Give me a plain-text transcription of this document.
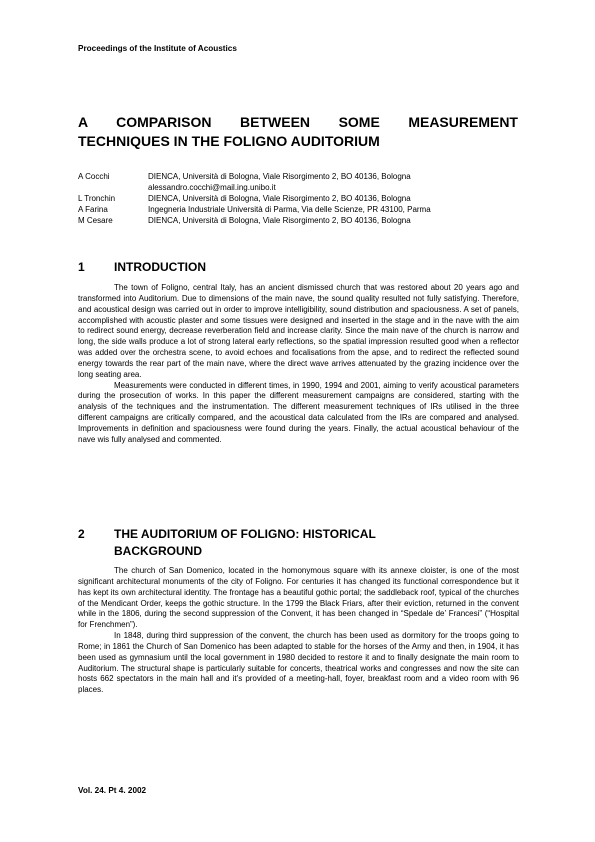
Proceedings of the Institute of Acoustics
A COMPARISON BETWEEN SOME MEASUREMENT
TECHNIQUES IN THE FOLIGNO AUDITORIUM
A Cocchi	DIENCA, Università di Bologna, Viale Risorgimento 2, BO 40136, Bologna
alessandro.cocchi@mail.ing.unibo.it
L Tronchin	DIENCA, Università di Bologna, Viale Risorgimento 2, BO 40136, Bologna
A Farina	Ingegneria Industriale Università di Parma, Via delle Scienze, PR 43100, Parma
M Cesare	DIENCA, Università di Bologna, Viale Risorgimento 2, BO 40136, Bologna
1	INTRODUCTION

The town of Foligno, central Italy, has an ancient dismissed church that was restored about 20 years ago and transformed into Auditorium. Due to dimensions of the main nave, the sound quality resulted not fully satisfying. Therefore, and acoustical design was carried out in order to improve intelligibility, sound distribution and spaciousness. A set of panels, accomplished with acoustic plaster and some tissues were designed and inserted in the stage and in the nave with the aim to redirect sound energy, decrease reverberation field and increase clarity. Since the main nave of the church is narrow and long, the side walls produce a lot of strong lateral early reflections, so the spatial impression resulted good when a reflector was added over the orchestra scene, to avoid echoes and focalisations from the apse, and to redirect the reflected sound energy towards the rear part of the main nave, where the direct wave arrives attenuated by the grazing incidence over the long seating area.

Measurements were conducted in different times, in 1990, 1994 and 2001, aiming to verify acoustical parameters during the prosecution of works. In this paper the different measurement campaigns are considered, starting with the analysis of the techniques and the instrumentation. The different measurement techniques of IRs utilised in the three different campaigns are critically compared, and the acoustical data calculated from the IRs are compared and analysed. Improvements in definition and spaciousness were found during the years. Finally, the actual acoustical behaviour of the nave wis fully analysed and commented.

2	THE AUDITORIUM OF FOLIGNO: HISTORICAL BACKGROUND

The church of San Domenico, located in the homonymous square with its annexe cloister, is one of the most significant architectural monuments of the city of Foligno. For centuries it has changed its functional correspondence but it has kept its own architectural identity. The frontage has a beautiful gothic portal; the saddleback roof, typical of the churches of the Mendicant Order, keeps the gothic structure. In the 1799 the Black Friars, after their eviction, returned in the convent while in the 1806, during the second suppression of the Convent, it has been changed in “Spedale de’ Francesi” (“Hospital for Frenchmen”).

In 1848, during third suppression of the convent, the church has been used as dormitory for the troops going to Rome; in 1861 the Church of San Domenico has been adapted to stable for the horses of the Army and then, in 1904, it has been used as gymnasium until the local government in 1980 decided to restore it and to finally designate the main room to Auditorium. The structural shape is particularly suitable for concerts, theatrical works and congresses and now the site can hosts 662 spectators in the main hall and it’s provided of a meeting-hall, foyer, breakfast room and a video room with 96 places.

Vol. 24. Pt 4. 2002
